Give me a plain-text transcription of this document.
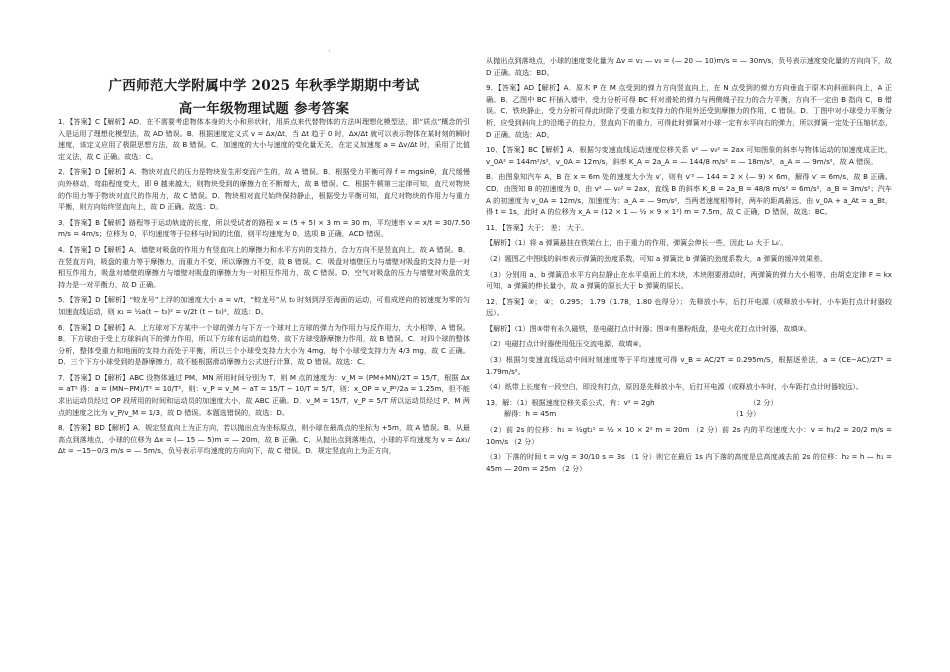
·
广西师范大学附属中学 2025 年秋季学期期中考试
高一年级物理试题 参考答案

1．【答案】C【解析】AD．在不需要考虑物体本身的大小和形状时，用质点来代替物体的方法叫理想化模型法，即“质点”概念的引入是运用了理想化模型法，故 AD 错误。B．根据速度定义式 v = Δx/Δt，当 Δt 趋于 0 时，Δx/Δt 就可以表示物体在某时刻的瞬时速度，该定义应用了极限思想方法，故 B 错误。C．加速度的大小与速度的变化量无关，在定义加速度 a = Δv/Δt 时，采用了比值定义法，故 C 正确。故选：C。

2．【答案】D【解析】A．物块对直尺的压力是物块发生形变而产生的，故 A 错误。B．根据受力平衡可得 f = mgsinθ，直尺缓慢向外移动，弯曲程度变大，即 θ 越来越大，则物块受到的摩擦力在不断增大，故 B 错误。C．根据牛顿第三定律可知，直尺对物块的作用力等于物块对直尺的作用力，故 C 错误。D．物块相对直尺始终保持静止，根据受力平衡可知，直尺对物块的作用力与重力平衡，则方向始终竖直向上，故 D 正确。故选：D。

3．【答案】B【解析】路程等于运动轨迹的长度，所以受试者的路程 x = (5 + 5) × 3 m = 30 m，平均速率 v = x/t = 30/7.50 m/s = 4m/s；位移为 0，平均速度等于位移与时间的比值，则平均速度为 0，选项 B 正确，ACD 错误。

4．【答案】D【解析】A．墙壁对吸盘的作用力有竖直向上的摩擦力和水平方向的支持力，合力方向不是竖直向上，故 A 错误。B．在竖直方向，吸盘的重力等于摩擦力，而重力不变，所以摩擦力不变，故 B 错误。C．吸盘对墙壁压力与墙壁对吸盘的支持力是一对相互作用力，吸盘对墙壁的摩擦力与墙壁对吸盘的摩擦力为一对相互作用力，故 C 错误。D．空气对吸盘的压力与墙壁对吸盘的支持力是一对平衡力，故 D 正确。

5．【答案】D【解析】“蛟龙号”上浮的加速度大小 a = v/t，“蛟龙号”从 t₀ 时刻到浮至海面的运动，可看成逆向的初速度为零的匀加速直线运动，则 x₁ = ½a(t − t₀)² = v/2t (t − t₀)²，故选：D。

6．【答案】D【解析】A．上方球对下方某中一个球的弹力与下方一个球对上方球的弹力为作用力与反作用力，大小相等，A 错误。B．下方球由于受上方球斜向下的弹力作用，所以下方球有运动的趋势，故下方球受静摩擦力作用，故 B 错误。C．对四个球的整体分析，整体受重力和地面的支持力而处于平衡，所以三个小球受支持力大小为 4mg，每个小球受支持力为 4/3 mg，故 C 正确。D．三个下方小球受到的是静摩擦力，故不能根据滑动摩擦力公式进行计算，故 D 错误。故选：C。

7．【答案】D【解析】ABC 设物体通过 PM、MN 所用时间分别为 T，则 M 点的速度为：v_M = (PM+MN)/2T = 15/T，根据 Δx = aT² 得：a = (MN−PM)/T² = 10/T²，则：v_P = v_M − aT = 15/T − 10/T = 5/T，则：x_OP = v_P²/2a = 1.25m，但不能求出运动员经过 OP 段所用的时间和运动员的加速度大小，故 ABC 正确。D．v_M = 15/T，v_P = 5/T 所以运动员经过 P、M 两点的速度之比为 v_P/v_M = 1/3，故 D 错误。本题选错误的，故选：D。

8．【答案】BD【解析】A．规定竖直向上为正方向，若以抛出点为坐标原点，则小球在最高点的坐标为 +5m，故 A 错误。B．从最高点到落地点，小球的位移为 Δx = (— 15 — 5)m = — 20m，故 B 正确。C．从抛出点到落地点，小球的平均速度为 v = Δx₁/Δt = −15−0/3 m/s = — 5m/s，负号表示平均速度的方向向下，故 C 错误。D．规定竖直向上为正方向，

从抛出点到落地点，小球的速度变化量为 Δv = v₁ — v₀ = (— 20 — 10)m/s = — 30m/s，负号表示速度变化量的方向向下，故 D 正确。故选：BD。

9．【答案】AD【解析】A．原木 P 在 M 点受到的弹力方向竖直向上，在 N 点受到的弹力方向垂直于原木向斜面斜向上，A 正确。B．乙图中 BC 杆插入墙中，受力分析可得 BC 杆对滑轮的弹力与两侧绳子拉力的合力平衡，方向不一定由 B 指向 C，B 错误。C．铁块静止，受力分析可得此时除了受重力和支持力的作用外还受到摩擦力的作用，C 错误。D．丁图中对小球受力平衡分析，应受到斜向上的沿绳子的拉力，竖直向下的重力，可得此时弹簧对小球一定有水平向右的弹力，所以弹簧一定处于压缩状态，D 正确。故选：AD。

10．【答案】BC【解析】A．根据匀变速直线运动速度位移关系 v² — v₀² = 2ax 可知图象的斜率与物体运动的加速度成正比，v_0A² = 144m²/s²，v_0A = 12m/s，斜率 K_A = 2a_A = — 144/8 m/s² = — 18m/s²，a_A = — 9m/s²，故 A 错误。

B．由图象知汽车 A，B 在 x = 6m 处的速度大小为 v′，则有 v′² — 144 = 2 × (— 9) × 6m，解得 v′ = 6m/s，故 B 正确。CD．由图知 B 的初速度为 0，由 v² — v₀² = 2ax，直线 B 的斜率 K_B = 2a_B = 48/8 m/s² = 6m/s²，a_B = 3m/s²；汽车 A 的初速度为 v_0A = 12m/s，加速度为：a_A = — 9m/s²，当两者速度相等时，两车的距离最远，由 v_0A + a_At = a_Bt，得 t = 1s，此时 A 的位移为 x_A = (12 × 1 — ½ × 9 × 1²) m = 7.5m，故 C 正确，D 错误，故选：BC。

11．【答案】大于； 差； 大于。

【解析】（1）将 a 弹簧悬挂在铁架台上，由于重力的作用，弹簧会伸长一些，因此 L₀ 大于 L₀′。

（2）题图乙中图线的斜率表示弹簧的劲度系数，可知 a 弹簧比 b 弹簧的劲度系数大，a 弹簧的缓冲效果差。

（3）分别用 a、b 弹簧沿水平方向拉静止在水平桌面上的木块，木块刚要滑动时，两弹簧的弹力大小相等，由胡克定律 F = kx 可知，a 弹簧的伸长量小，故 a 弹簧的原长大于 b 弹簧的原长。

12．【答案】③； ④； 0.295； 1.79（1.78，1.80 也得分）； 先释放小车，后打开电源（或释放小车时，小车距打点计时器较远）。

【解析】（1）图⑤带有永久磁铁，是电磁打点计时器；图③有墨粉纸盘，是电火花打点计时器，故填③。

（2）电磁打点计时器使用低压交流电源，故填④。

（3）根据匀变速直线运动中间时刻速度等于平均速度可得 v_B = AC/2T = 0.295m/S，根据逐差法，a = (CE−AC)/2T² = 1.79m/s²。

（4）纸带上长度有一段空白，即没有打点，原因是先释放小车，后打开电源（或释放小车时，小车距打点计时器较远）。

13．解：（1）根据速度位移关系公式，有：v² = 2gh                                          （2 分）
解得：h = 45m                                                                              （1 分）

（2）前 2s 的位移：h₁ = ½gt₁² = ½ × 10 × 2² m = 20m （2 分）前 2s 内的平均速度大小：v = h₁/2 = 20/2 m/s = 10m/s （2 分）

（3）下落的时间 t = v/g = 30/10 s = 3s （1 分）则它在最后 1s 内下落的高度是总高度减去前 2s 的位移：h₂ = h — h₁ = 45m — 20m = 25m （2 分）
